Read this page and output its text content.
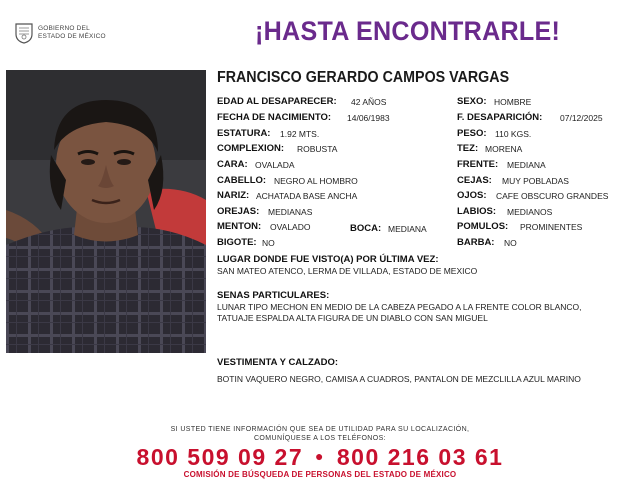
GOBIERNO DEL
ESTADO DE MÉXICO	¡HASTA ENCONTRARLE!
FRANCISCO GERARDO CAMPOS VARGAS
EDAD AL DESAPARECER: 42 AÑOS
FECHA DE NACIMIENTO: 14/06/1983
ESTATURA: 1.92 MTS.
COMPLEXION: ROBUSTA
CARA: OVALADA
CABELLO: NEGRO AL HOMBRO
NARIZ: ACHATADA BASE ANCHA
OREJAS: MEDIANAS
MENTON: OVALADO
BIGOTE: NO
BOCA: MEDIANA
SEXO: HOMBRE
F. DESAPARICIÓN: 07/12/2025
PESO: 110 KGS.
TEZ: MORENA
FRENTE: MEDIANA
CEJAS: MUY POBLADAS
OJOS: CAFE OBSCURO GRANDES
LABIOS: MEDIANOS
POMULOS: PROMINENTES
BARBA: NO
LUGAR DONDE FUE VISTO(A) POR ÚLTIMA VEZ:
SAN MATEO ATENCO, LERMA DE VILLADA, ESTADO DE MEXICO
SENAS PARTICULARES:
LUNAR TIPO MECHON EN MEDIO DE LA CABEZA PEGADO A LA FRENTE COLOR BLANCO,
TATUAJE ESPALDA ALTA FIGURA DE UN DIABLO CON SAN MIGUEL
VESTIMENTA Y CALZADO:
BOTIN VAQUERO NEGRO, CAMISA A CUADROS, PANTALON DE MEZCLILLA AZUL MARINO
SI USTED TIENE INFORMACIÓN QUE SEA DE UTILIDAD PARA SU LOCALIZACIÓN,
COMUNÍQUESE A LOS TELÉFONOS:
800 509 09 27 ● 800 216 03 61
COMISIÓN DE BÚSQUEDA DE PERSONAS DEL ESTADO DE MÉXICO
